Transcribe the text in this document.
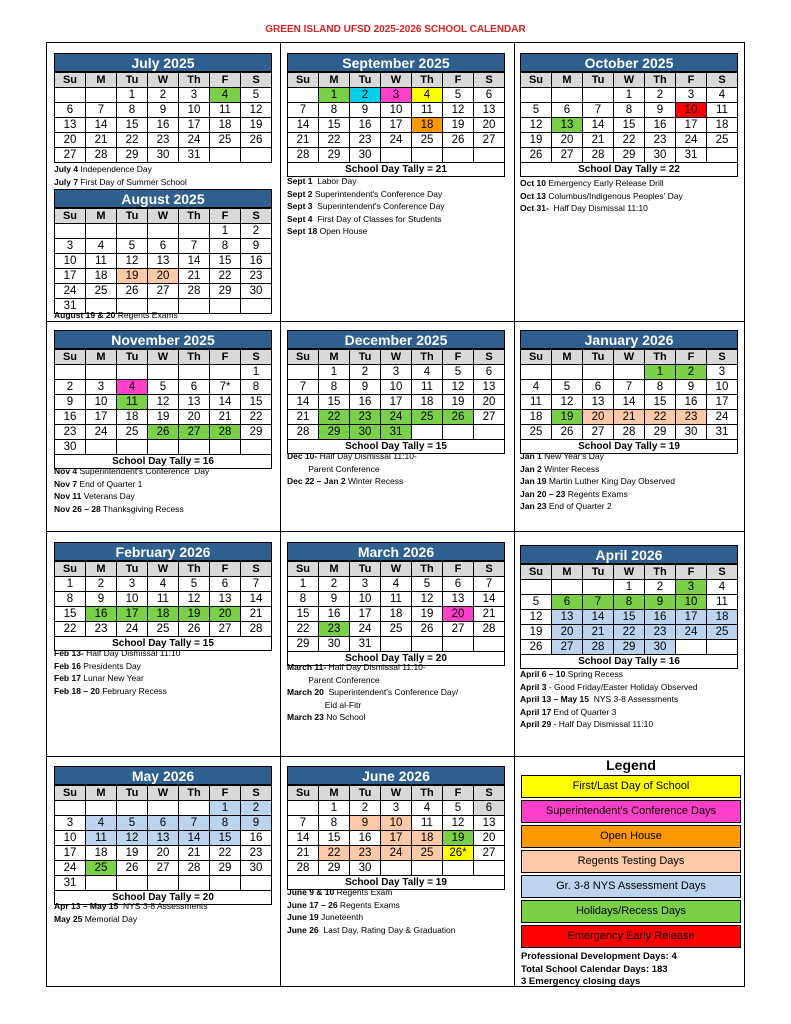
GREEN ISLAND UFSD 2025-2026 SCHOOL CALENDAR
July 2025
Su	M	Tu	W	Th	F	S
		1	2	3	4	5
6	7	8	9	10	11	12
13	14	15	16	17	18	19
20	21	22	23	24	25	26
27	28	29	30	31		
July 4 Independence Day
July 7 First Day of Summer School
August 2025
Su	M	Tu	W	Th	F	S
					1	2
3	4	5	6	7	8	9
10	11	12	13	14	15	16
17	18	19	20	21	22	23
24	25	26	27	28	29	30
31						
August 19 & 20 Regents Exams
September 2025
Su	M	Tu	W	Th	F	S
	1	2	3	4	5	6
7	8	9	10	11	12	13
14	15	16	17	18	19	20
21	22	23	24	25	26	27
28	29	30				
School Day Tally = 21
Sept 1  Labor Day
Sept 2 Superintendent's Conference Day
Sept 3  Superintendent's Conference Day
Sept 4  First Day of Classes for Students
Sept 18 Open House
October 2025
Su	M	Tu	W	Th	F	S
			1	2	3	4
5	6	7	8	9	10	11
12	13	14	15	16	17	18
19	20	21	22	23	24	25
26	27	28	29	30	31	
School Day Tally = 22
Oct 10 Emergency Early Release Drill
Oct 13 Columbus/Indigenous Peoples' Day
Oct 31-  Half Day Dismissal 11:10
November 2025
Su	M	Tu	W	Th	F	S
						1
2	3	4	5	6	7*	8
9	10	11	12	13	14	15
16	17	18	19	20	21	22
23	24	25	26	27	28	29
30						
School Day Tally = 16
Nov 4 Superintendent's Conference  Day
Nov 7 End of Quarter 1
Nov 11 Veterans Day
Nov 26 – 28 Thanksgiving Recess
December 2025
Su	M	Tu	W	Th	F	S
	1	2	3	4	5	6
7	8	9	10	11	12	13
14	15	16	17	18	19	20
21	22	23	24	25	26	27
28	29	30	31			
School Day Tally = 15
Dec 10- Half Day Dismissal 11:10-
Parent Conference
Dec 22 – Jan 2 Winter Recess
January 2026
Su	M	Tu	W	Th	F	S
				1	2	3
4	5	6	7	8	9	10
11	12	13	14	15	16	17
18	19	20	21	22	23	24
25	26	27	28	29	30	31
School Day Tally = 19
Jan 1 New Year's Day
Jan 2 Winter Recess
Jan 19 Martin Luther King Day Observed
Jan 20 – 23 Regents Exams
Jan 23 End of Quarter 2
February 2026
Su	M	Tu	W	Th	F	S
1	2	3	4	5	6	7
8	9	10	11	12	13	14
15	16	17	18	19	20	21
22	23	24	25	26	27	28
School Day Tally = 15
Feb 13- Half Day Dismissal 11:10
Feb 16 Presidents Day
Feb 17 Lunar New Year
Feb 18 – 20 February Recess
March 2026
Su	M	Tu	W	Th	F	S
1	2	3	4	5	6	7
8	9	10	11	12	13	14
15	16	17	18	19	20	21
22	23	24	25	26	27	28
29	30	31				
School Day Tally = 20
March 11- Half Day Dismissal 11:10-
Parent Conference
March 20  Superintendent's Conference Day/
Eid al-Fitr
March 23 No School
April 2026
Su	M	Tu	W	Th	F	S
			1	2	3	4
5	6	7	8	9	10	11
12	13	14	15	16	17	18
19	20	21	22	23	24	25
26	27	28	29	30		
School Day Tally = 16
April 6 – 10 Spring Recess
April 3 - Good Friday/Easter Holiday Observed
April 13 – May 15  NYS 3-8 Assessments
April 17 End of Quarter 3
April 29 - Half Day Dismissal 11:10
May 2026
Su	M	Tu	W	Th	F	S
					1	2
3	4	5	6	7	8	9
10	11	12	13	14	15	16
17	18	19	20	21	22	23
24	25	26	27	28	29	30
31						
School Day Tally = 20
Apr 13 – May 15  NYS 3-8 Assessments
May 25 Memorial Day
June 2026
Su	M	Tu	W	Th	F	S
	1	2	3	4	5	6
7	8	9	10	11	12	13
14	15	16	17	18	19	20
21	22	23	24	25	26*	27
28	29	30				
School Day Tally = 19
June 9 & 10 Regents Exam
June 17 – 26 Regents Exams
June 19 Juneteenth
June 26  Last Day, Rating Day & Graduation
Legend
First/Last Day of School
Superintendent's Conference Days
Open House
Regents Testing Days
Gr. 3-8 NYS Assessment Days
Holidays/Recess Days
Emergency Early Release
Professional Development Days: 4
Total School Calendar Days: 183
3 Emergency closing days
